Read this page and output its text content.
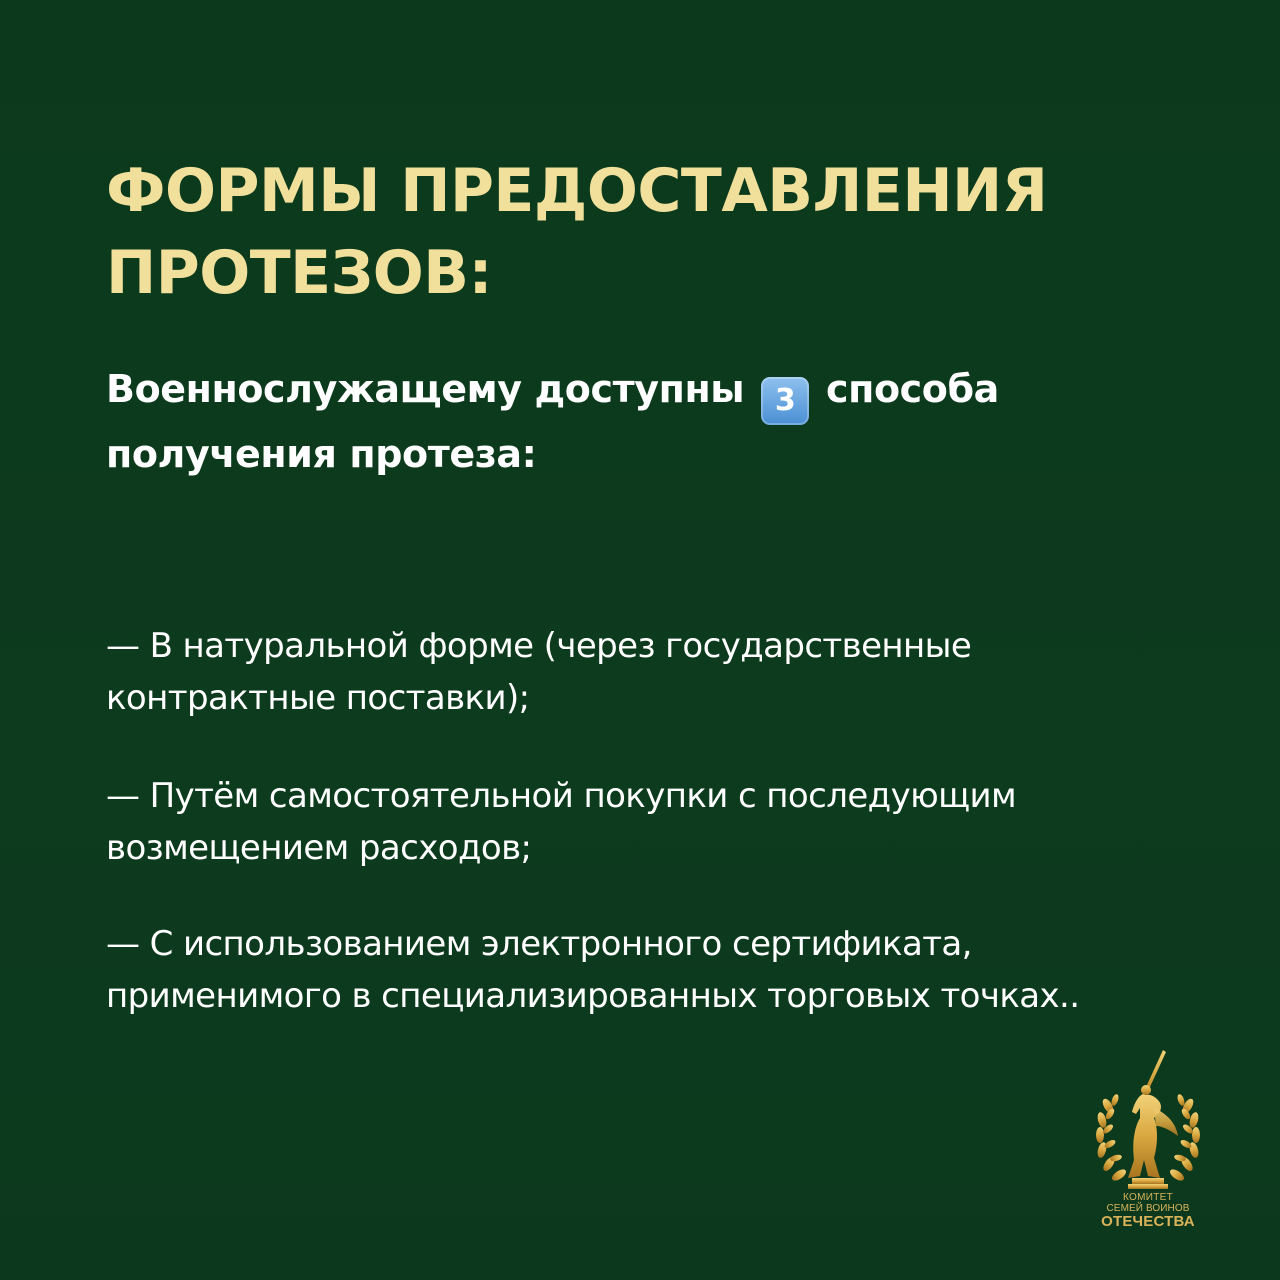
ФОРМЫ ПРЕДОСТАВЛЕНИЯ
ПРОТЕЗОВ:

Военнослужащему доступны 3 способа
получения протеза:

— В натуральной форме (через государственные
контрактные поставки);

— Путём самостоятельной покупки с последующим
возмещением расходов;

— С использованием электронного сертификата,
применимого в специализированных торговых точках..

КОМИТЕТ
СЕМЕЙ ВОИНОВ
ОТЕЧЕСТВА
